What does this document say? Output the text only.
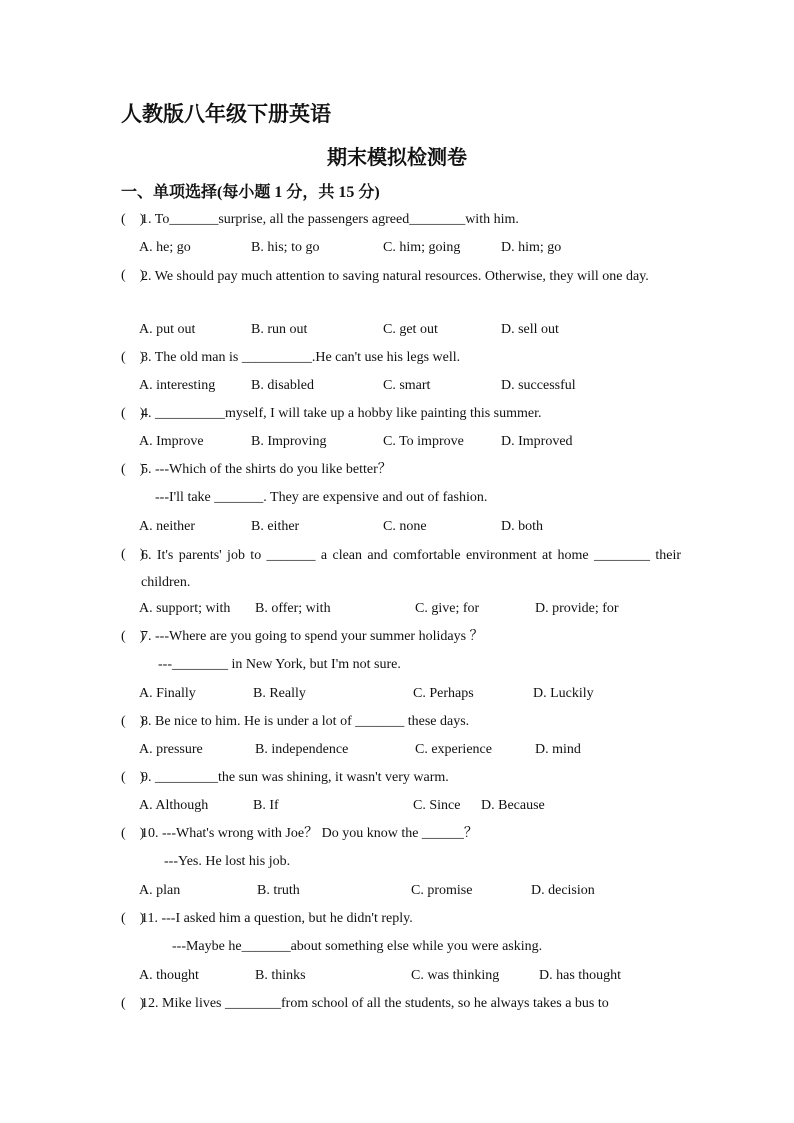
人教版八年级下册英语
期末模拟检测卷
一、单项选择(每小题 1 分，共 15 分)
(    )
1. To_______surprise, all the passengers agreed________with him.
A. he; go	B. his; to go	C. him; going	D. him; go
(    )
2. We should pay much attention to saving natural resources. Otherwise, they will one day.
A. put out	B. run out	C. get out	D. sell out
(    )
3. The old man is __________.He can't use his legs well.
A. interesting	B. disabled	C. smart	D. successful
(    )
4. __________myself, I will take up a hobby like painting this summer.
A. Improve	B. Improving	C. To improve	D. Improved
(    )
5. ---Which of the shirts do you like better？
---I'll take _______. They are expensive and out of fashion.
A. neither	B. either	C. none	D. both
(    )
6. It's parents' job to _______ a clean and comfortable environment at home ________ their children.
A. support; with	B. offer; with	C. give; for	D. provide; for
(    )
7. ---Where are you going to spend your summer holidays ？
---________ in New York, but I'm not sure.
A. Finally	B. Really	C. Perhaps	D. Luckily
(    )
8. Be nice to him. He is under a lot of _______ these days.
A. pressure	B. independence	C. experience	D. mind
(    )
9. _________the sun was shining, it wasn't very warm.
A. Although	B. If	C. Since	D. Because
(    )
10. ---What's wrong with Joe？ Do you know the ______？
---Yes. He lost his job.
A. plan	B. truth	C. promise	D. decision
(    )
11. ---I asked him a question, but he didn't reply.
---Maybe he_______about something else while you were asking.
A. thought	B. thinks	C. was thinking	D. has thought
(    )
12. Mike lives ________from school of all the students, so he always takes a bus to
